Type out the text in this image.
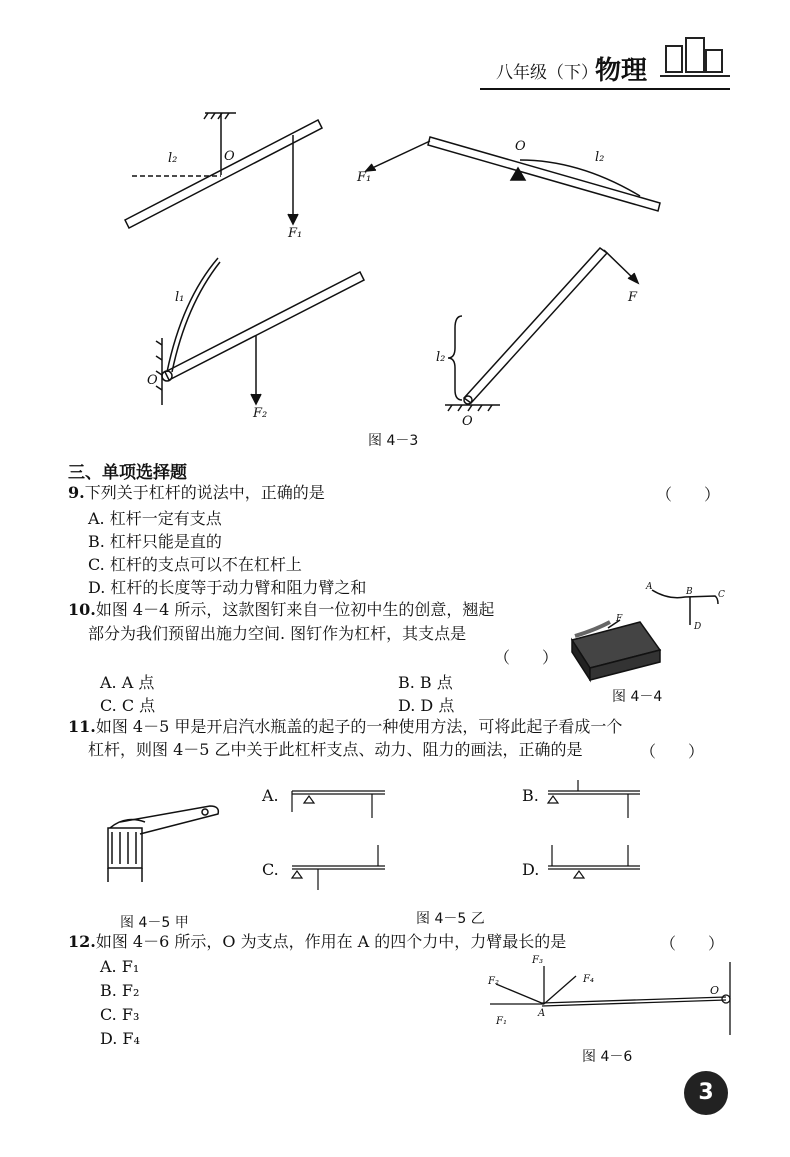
八年级（下）
物理
l₂	O
F₁
l₂
O
F₁
l₁
O
F₂
l₂
O
F
图 4－3
A	B	C
D
F
图 4－4
A.	B.
C.	D.
图 4－5 甲	图 4－5 乙
F₃
F₂	F₄
F₁
A
O
图 4－6
三、单项选择题
9.下列关于杠杆的说法中，正确的是	（　　）
A. 杠杆一定有支点
B. 杠杆只能是直的
C. 杠杆的支点可以不在杠杆上
D. 杠杆的长度等于动力臂和阻力臂之和
10.如图 4－4 所示，这款图钉来自一位初中生的创意，翘起
部分为我们预留出施力空间. 图钉作为杠杆，其支点是
（　　）
A. A 点	B. B 点
C. C 点	D. D 点
11.如图 4－5 甲是开启汽水瓶盖的起子的一种使用方法，可将此起子看成一个
杠杆，则图 4－5 乙中关于此杠杆支点、动力、阻力的画法，正确的是	（　　）
12.如图 4－6 所示，O 为支点，作用在 A 的四个力中，力臂最长的是	（　　）
A. F₁
B. F₂
C. F₃
D. F₄
3
